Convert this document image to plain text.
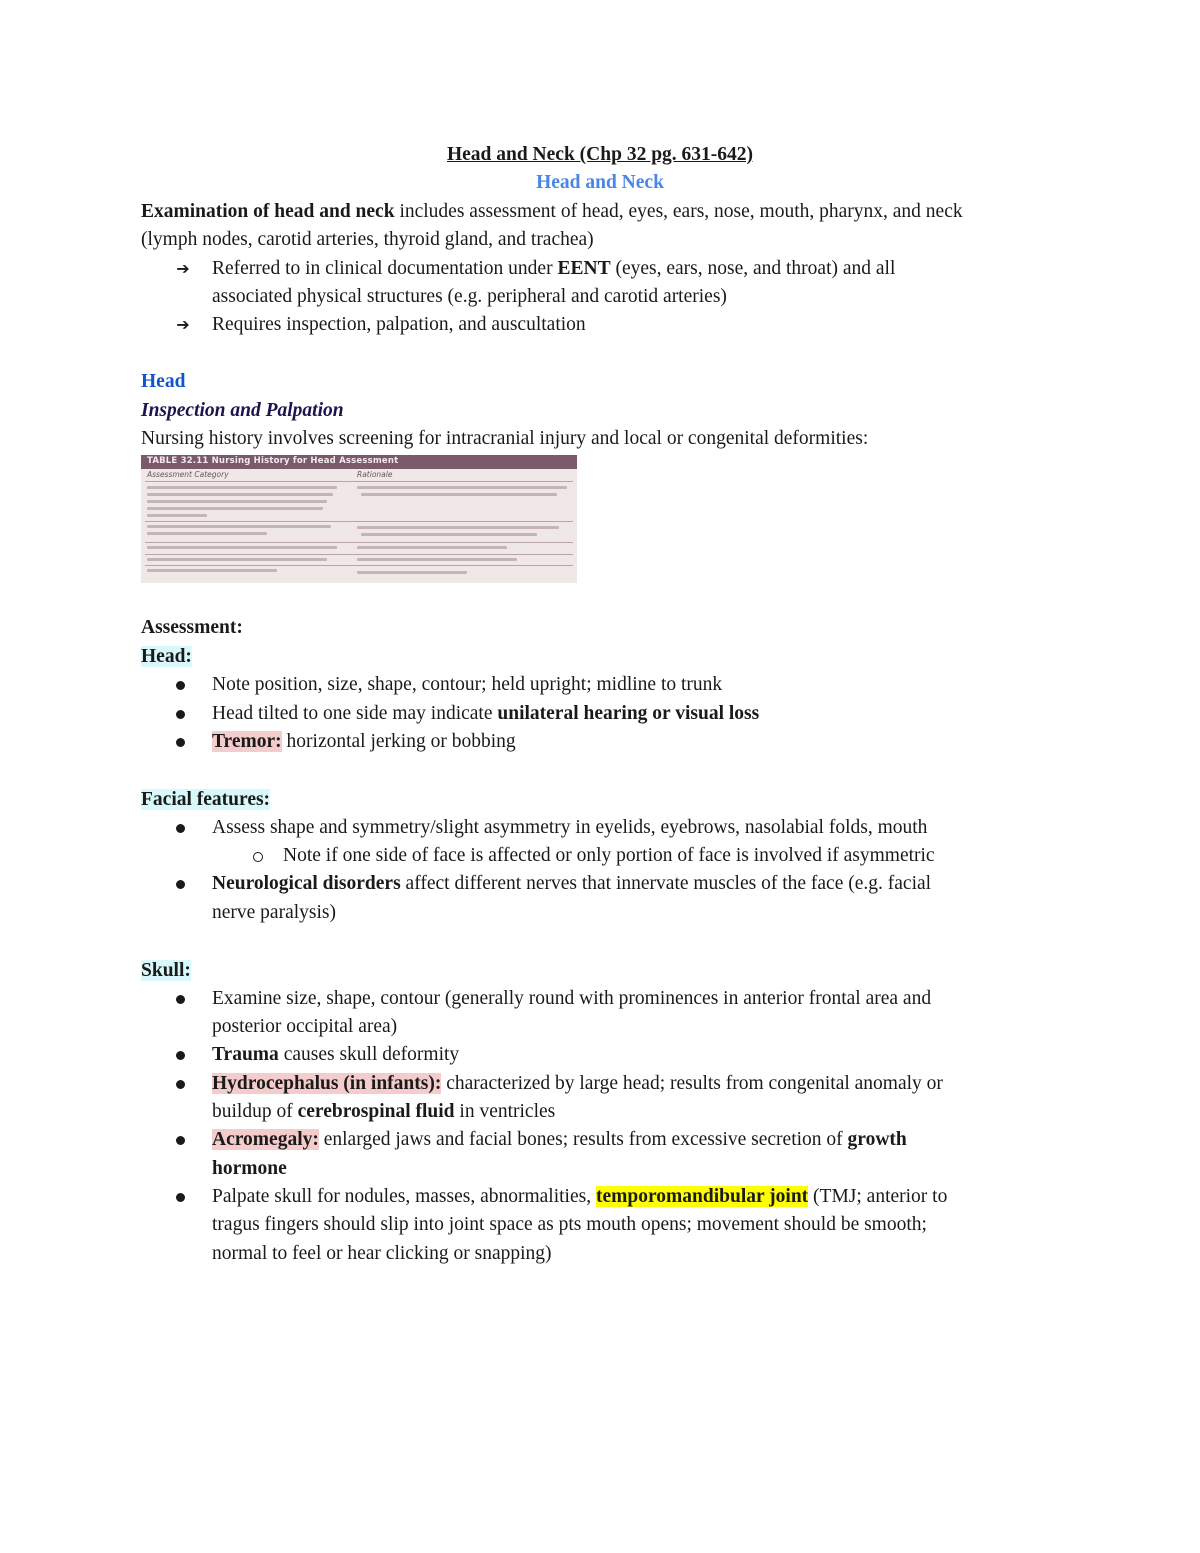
Head and Neck (Chp 32 pg. 631-642)
Head and Neck
Examination of head and neck includes assessment of head, eyes, ears, nose, mouth, pharynx, and neck
(lymph nodes, carotid arteries, thyroid gland, and trachea)
➔ Referred to in clinical documentation under EENT (eyes, ears, nose, and throat) and all
associated physical structures (e.g. peripheral and carotid arteries)
➔ Requires inspection, palpation, and auscultation
Head
Inspection and Palpation
Nursing history involves screening for intracranial injury and local or congenital deformities:
TABLE 32.11 Nursing History for Head Assessment
Assessment Category	Rationale
Assessment:
Head:
Note position, size, shape, contour; held upright; midline to trunk
Head tilted to one side may indicate unilateral hearing or visual loss
Tremor: horizontal jerking or bobbing
Facial features:
Assess shape and symmetry/slight asymmetry in eyelids, eyebrows, nasolabial folds, mouth
Note if one side of face is affected or only portion of face is involved if asymmetric
Neurological disorders affect different nerves that innervate muscles of the face (e.g. facial
nerve paralysis)
Skull:
Examine size, shape, contour (generally round with prominences in anterior frontal area and
posterior occipital area)
Trauma causes skull deformity
Hydrocephalus (in infants): characterized by large head; results from congenital anomaly or
buildup of cerebrospinal fluid in ventricles
Acromegaly: enlarged jaws and facial bones; results from excessive secretion of growth
hormone
Palpate skull for nodules, masses, abnormalities, temporomandibular joint (TMJ; anterior to
tragus fingers should slip into joint space as pts mouth opens; movement should be smooth;
normal to feel or hear clicking or snapping)
